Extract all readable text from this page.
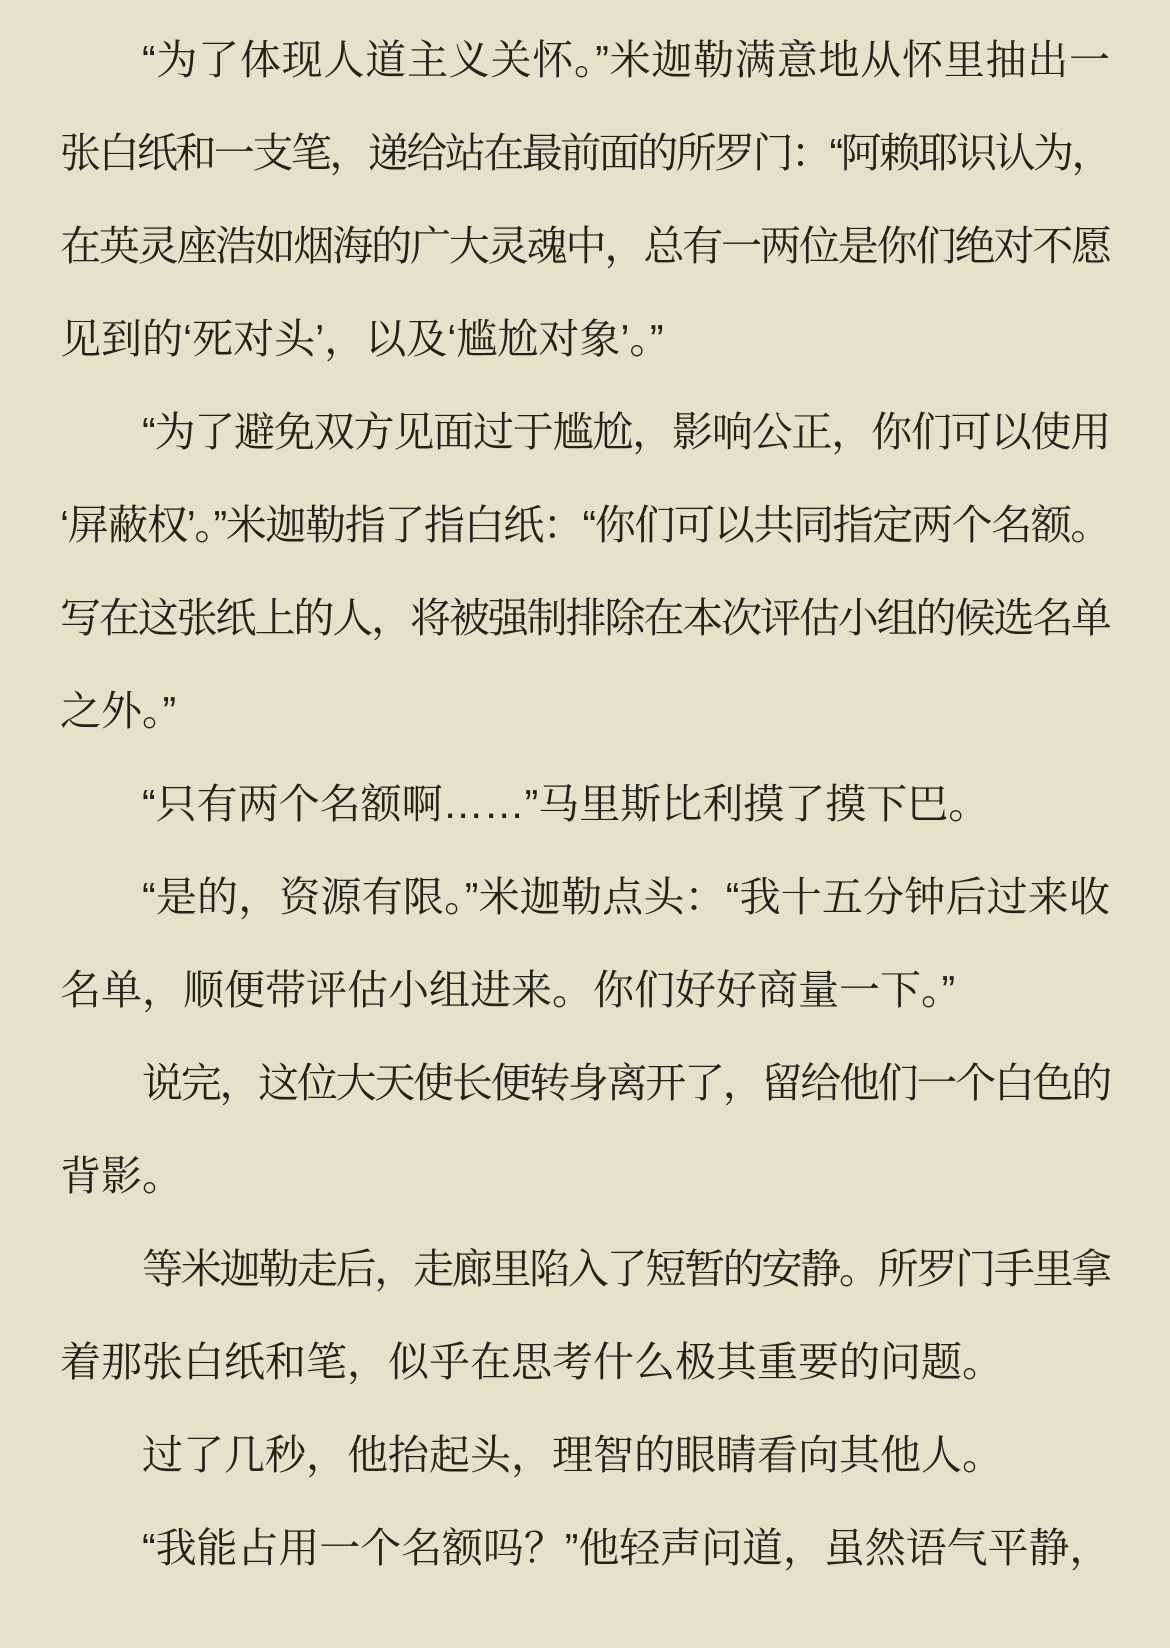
“为了体现人道主义关怀。”米迦勒满意地从怀里抽出一
张白纸和一支笔，递给站在最前面的所罗门：“阿赖耶识认为，
在英灵座浩如烟海的广大灵魂中，总有一两位是你们绝对不愿
见到的‘死对头’，以及‘尴尬对象’。”
“为了避免双方见面过于尴尬，影响公正，你们可以使用
‘屏蔽权’。”米迦勒指了指白纸：“你们可以共同指定两个名额。
写在这张纸上的人，将被强制排除在本次评估小组的候选名单
之外。”
“只有两个名额啊……”马里斯比利摸了摸下巴。
“是的，资源有限。”米迦勒点头：“我十五分钟后过来收
名单，顺便带评估小组进来。你们好好商量一下。”
说完，这位大天使长便转身离开了，留给他们一个白色的
背影。
等米迦勒走后，走廊里陷入了短暂的安静。所罗门手里拿
着那张白纸和笔，似乎在思考什么极其重要的问题。
过了几秒，他抬起头，理智的眼睛看向其他人。
“我能占用一个名额吗？”他轻声问道，虽然语气平静，
